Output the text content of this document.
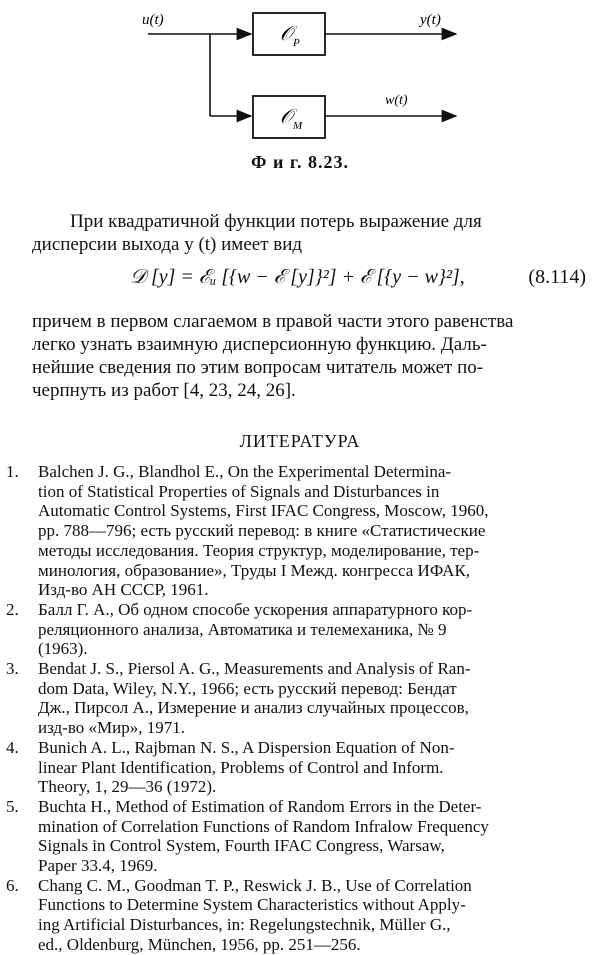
u(t)
𝒪 P
𝒪 M
y(t)
w(t)
Ф и г. 8.23.
При квадратичной функции потерь выражение для
дисперсии выхода y (t) имеет вид
𝒟 [y] = ℰᵤ [{w − ℰ [y]}²] + ℰ [{y − w}²],	(8.114)
причем в первом слагаемом в правой части этого равенства
легко узнать взаимную дисперсионную функцию. Даль-
нейшие сведения по этим вопросам читатель может по-
черпнуть из работ [4, 23, 24, 26].
ЛИТЕРАТУРА
1. Balchen J. G., Blandhol E., On the Experimental Determina-
tion of Statistical Properties of Signals and Disturbances in
Automatic Control Systems, First IFAC Congress, Moscow, 1960,
pp. 788—796; есть русский перевод: в книге «Статистические
методы исследования. Теория структур, моделирование, тер-
минология, образование», Труды I Межд. конгресса ИФАК,
Изд-во АН СССР, 1961.
2. Балл Г. А., Об одном способе ускорения аппаратурного кор-
реляционного анализа, Автоматика и телемеханика, № 9
(1963).
3. Bendat J. S., Piersol A. G., Measurements and Analysis of Ran-
dom Data, Wiley, N.Y., 1966; есть русский перевод: Бендат
Дж., Пирсол А., Измерение и анализ случайных процессов,
изд-во «Мир», 1971.
4. Bunich A. L., Rajbman N. S., A Dispersion Equation of Non-
linear Plant Identification, Problems of Control and Inform.
Theory, 1, 29—36 (1972).
5. Buchta H., Method of Estimation of Random Errors in the Deter-
mination of Correlation Functions of Random Infralow Frequency
Signals in Control System, Fourth IFAC Congress, Warsaw,
Paper 33.4, 1969.
6. Chang C. M., Goodman T. P., Reswick J. B., Use of Correlation
Functions to Determine System Characteristics without Apply-
ing Artificial Disturbances, in: Regelungstechnik, Müller G.,
ed., Oldenburg, München, 1956, pp. 251—256.
